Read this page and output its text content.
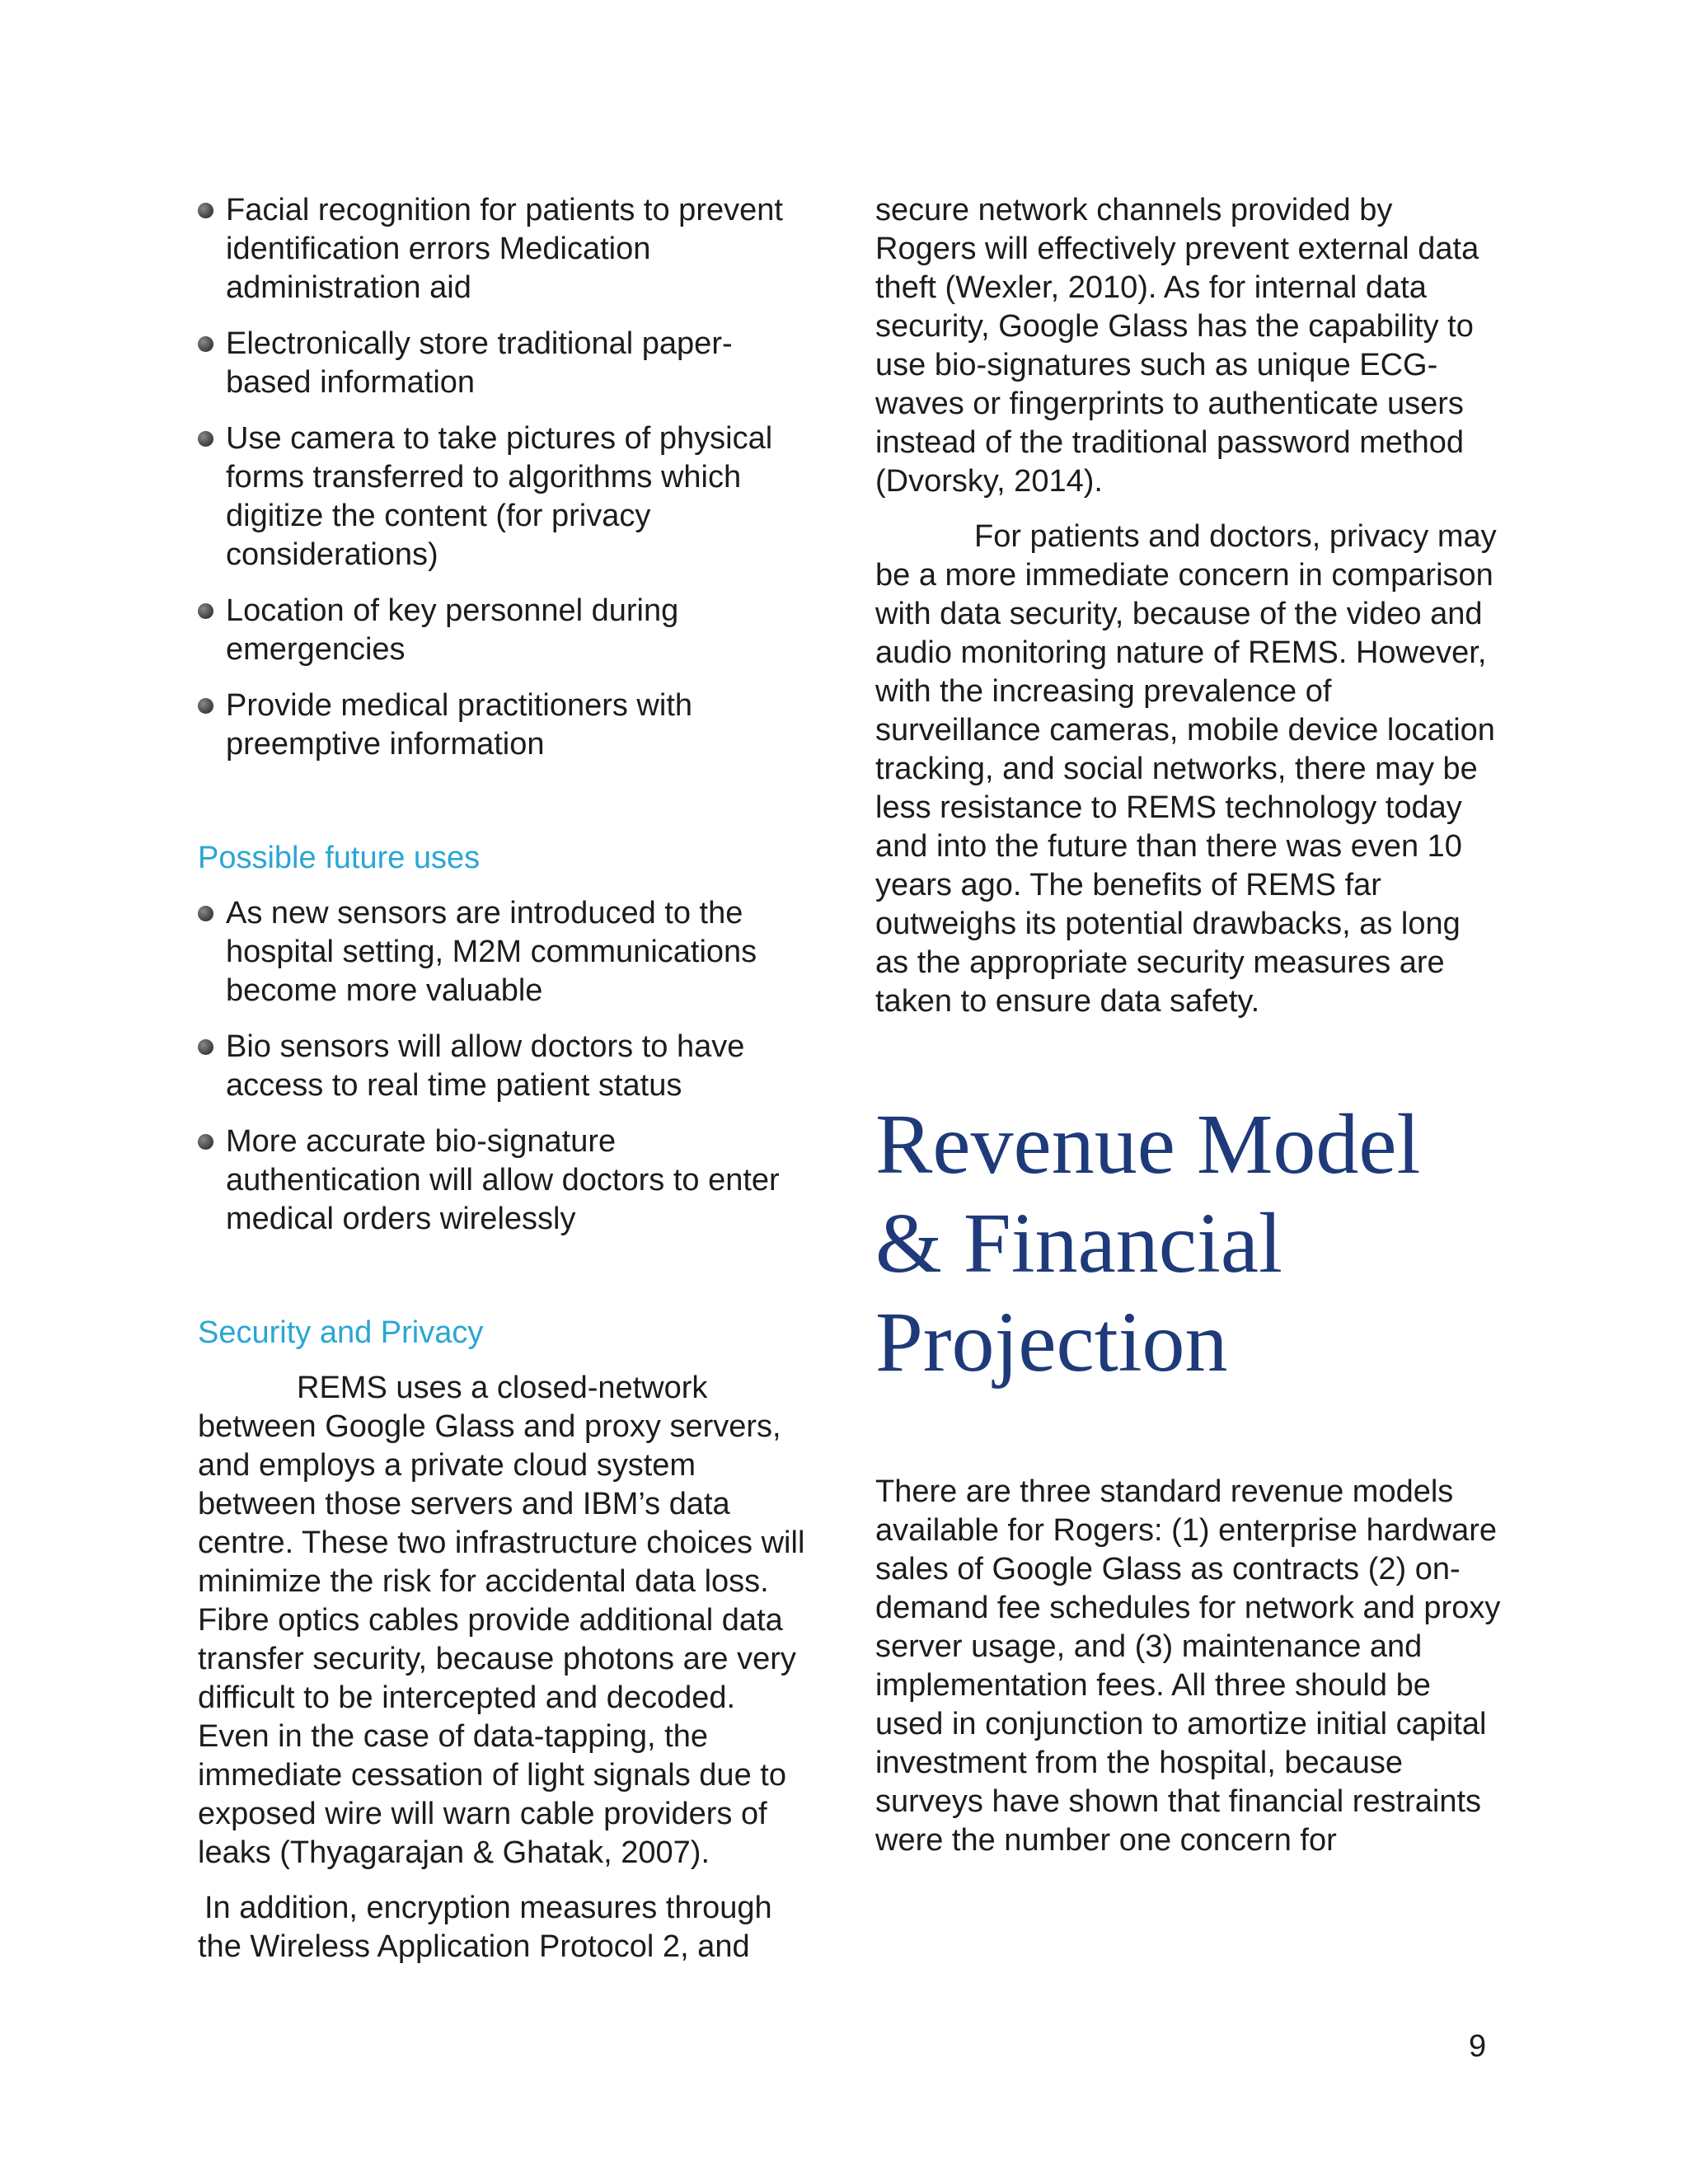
Facial recognition for patients to prevent identification errors Medication administration aid
Electronically store traditional paper-based information
Use camera to take pictures of physical forms transferred to algorithms which digitize the content (for privacy considerations)
Location of key personnel during emergencies
Provide medical practitioners with preemptive information
Possible future uses
As new sensors are introduced to the hospital setting, M2M communications become more valuable
Bio sensors will allow doctors to have access to real time patient status
More accurate bio-signature authentication will allow doctors to enter medical orders wirelessly
Security and Privacy

REMS uses a closed-network between Google Glass and proxy servers, and employs a private cloud system between those servers and IBM’s data centre. These two infrastructure choices will minimize the risk for accidental data loss. Fibre optics cables provide additional data transfer security, because photons are very difficult to be intercepted and decoded. Even in the case of data-tapping, the immediate cessation of light signals due to exposed wire will warn cable providers of leaks (Thyagarajan & Ghatak, 2007).

In addition, encryption measures through the Wireless Application Protocol 2, and

secure network channels provided by Rogers will effectively prevent external data theft (Wexler, 2010). As for internal data security, Google Glass has the capability to use bio-signatures such as unique ECG-waves or fingerprints to authenticate users instead of the traditional password method (Dvorsky, 2014).

For patients and doctors, privacy may be a more immediate concern in comparison with data security, because of the video and audio monitoring nature of REMS. However, with the increasing prevalence of surveillance cameras, mobile device location tracking, and social networks, there may be less resistance to REMS technology today and into the future than there was even 10 years ago. The benefits of REMS far outweighs its potential drawbacks, as long as the appropriate security measures are taken to ensure data safety.

Revenue Model & Financial Projection

There are three standard revenue models available for Rogers: (1) enterprise hardware sales of Google Glass as contracts (2) on-demand fee schedules for network and proxy server usage, and (3) maintenance and implementation fees. All three should be used in conjunction to amortize initial capital investment from the hospital, because surveys have shown that financial restraints were the number one concern for

9
